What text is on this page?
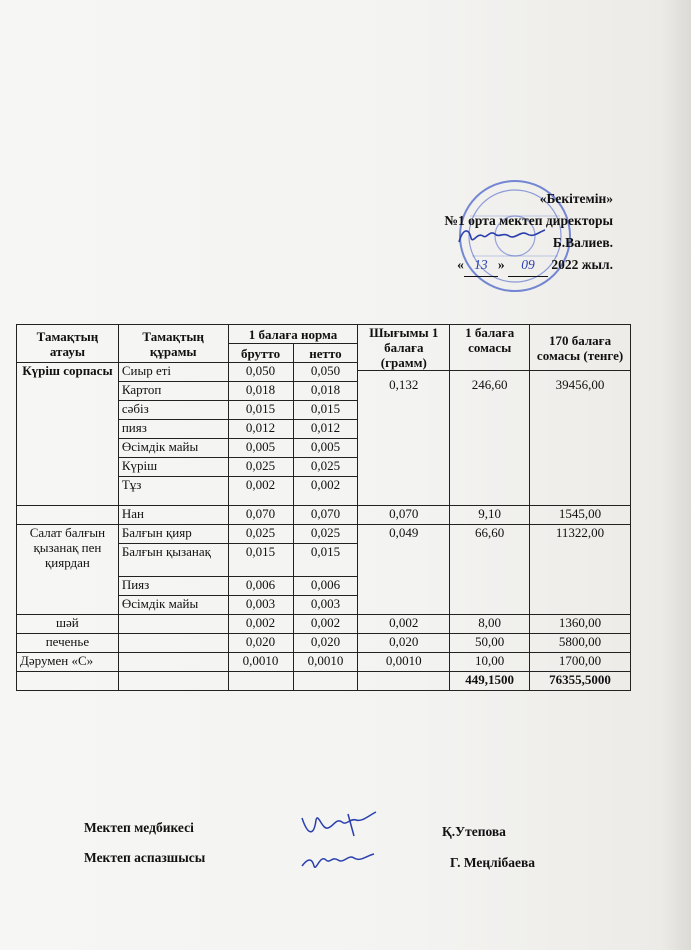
«Бекітемін»
№1 орта мектеп директоры
Б.Валиев.
« 13 » 09 2022 жыл.
Тамақтың атауы	Тамақтың құрамы	1 балаға норма		Шығымы 1 балаға (грамм)	1 балаға сомасы	170 балаға сомасы (тенге)
		брутто	нетто			
Күріш сорпасы	Сиыр еті	0,050	0,050			
				0,132	246,60	39456,00
	Картоп	0,018	0,018			
	сәбіз	0,015	0,015			
	пияз	0,012	0,012			
	Өсімдік майы	0,005	0,005			
	Күріш	0,025	0,025			
	Тұз	0,002	0,002			
	Нан	0,070	0,070	0,070	9,10	1545,00
Салат балғын қызанақ пен қиярдан	Балғын қияр	0,025	0,025	0,049	66,60	11322,00
	Балғын қызанақ	0,015	0,015			
	Пияз	0,006	0,006			
	Өсімдік майы	0,003	0,003			
шәй		0,002	0,002	0,002	8,00	1360,00
печенье		0,020	0,020	0,020	50,00	5800,00
Дәрумен «С»		0,0010	0,0010	0,0010	10,00	1700,00
					449,1500	76355,5000
Мектеп медбикесі	Қ.Утепова
Мектеп аспазшысы	Г. Меңлібаева
